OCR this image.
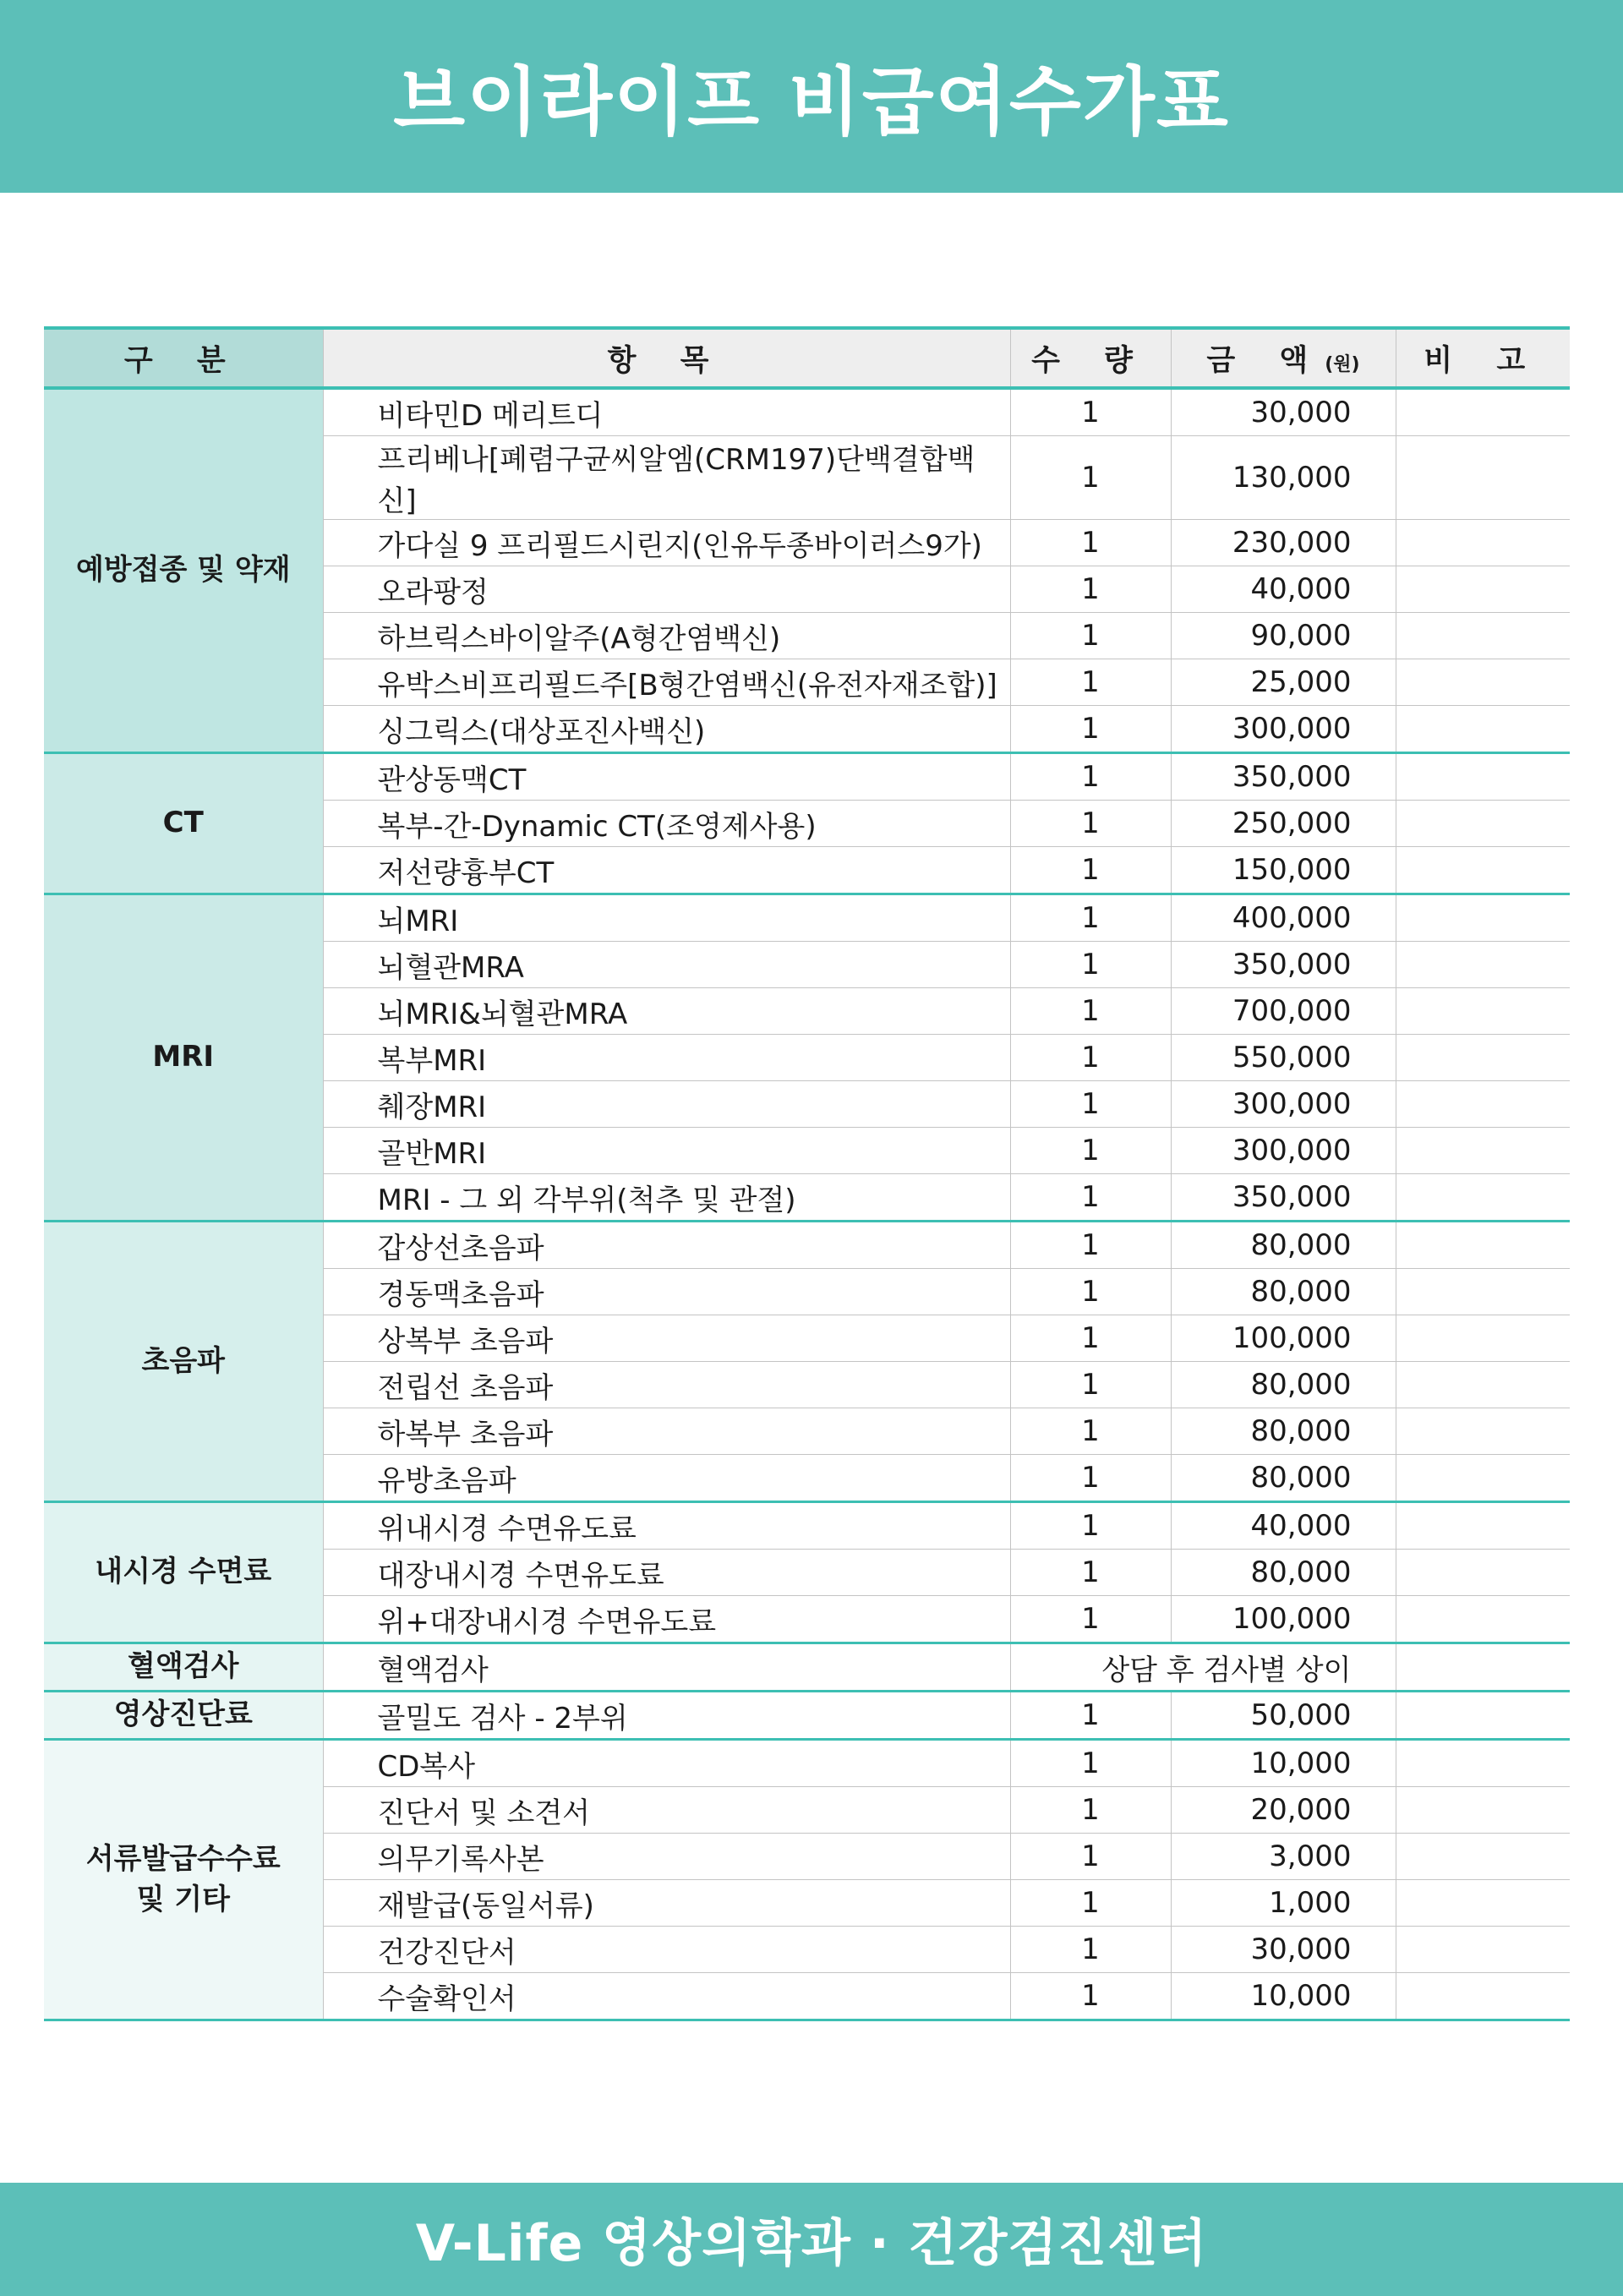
브이라이프 비급여수가표
구 분	항 목	수 량	금 액(원)	비 고
예방접종 및 약재	비타민D 메리트디	1	30,000	
	프리베나[폐렴구균씨알엠(CRM197)단백결합백신]	1	130,000	
	가다실 9 프리필드시린지(인유두종바이러스9가)	1	230,000	
	오라팡정	1	40,000	
	하브릭스바이알주(A형간염백신)	1	90,000	
	유박스비프리필드주[B형간염백신(유전자재조합)]	1	25,000	
	싱그릭스(대상포진사백신)	1	300,000	
CT	관상동맥CT	1	350,000	
	복부-간-Dynamic CT(조영제사용)	1	250,000	
	저선량흉부CT	1	150,000	
MRI	뇌MRI	1	400,000	
	뇌혈관MRA	1	350,000	
	뇌MRI&뇌혈관MRA	1	700,000	
	복부MRI	1	550,000	
	췌장MRI	1	300,000	
	골반MRI	1	300,000	
	MRI - 그 외 각부위(척추 및 관절)	1	350,000	
초음파	갑상선초음파	1	80,000	
	경동맥초음파	1	80,000	
	상복부 초음파	1	100,000	
	전립선 초음파	1	80,000	
	하복부 초음파	1	80,000	
	유방초음파	1	80,000	
내시경 수면료	위내시경 수면유도료	1	40,000	
	대장내시경 수면유도료	1	80,000	
	위+대장내시경 수면유도료	1	100,000	
혈액검사	혈액검사	상담 후 검사별 상이		
영상진단료	골밀도 검사 - 2부위	1	50,000	
서류발급수수료
및 기타	CD복사	1	10,000	
	진단서 및 소견서	1	20,000	
	의무기록사본	1	3,000	
	재발급(동일서류)	1	1,000	
	건강진단서	1	30,000	
	수술확인서	1	10,000	
V-Life 영상의학과 · 건강검진센터
